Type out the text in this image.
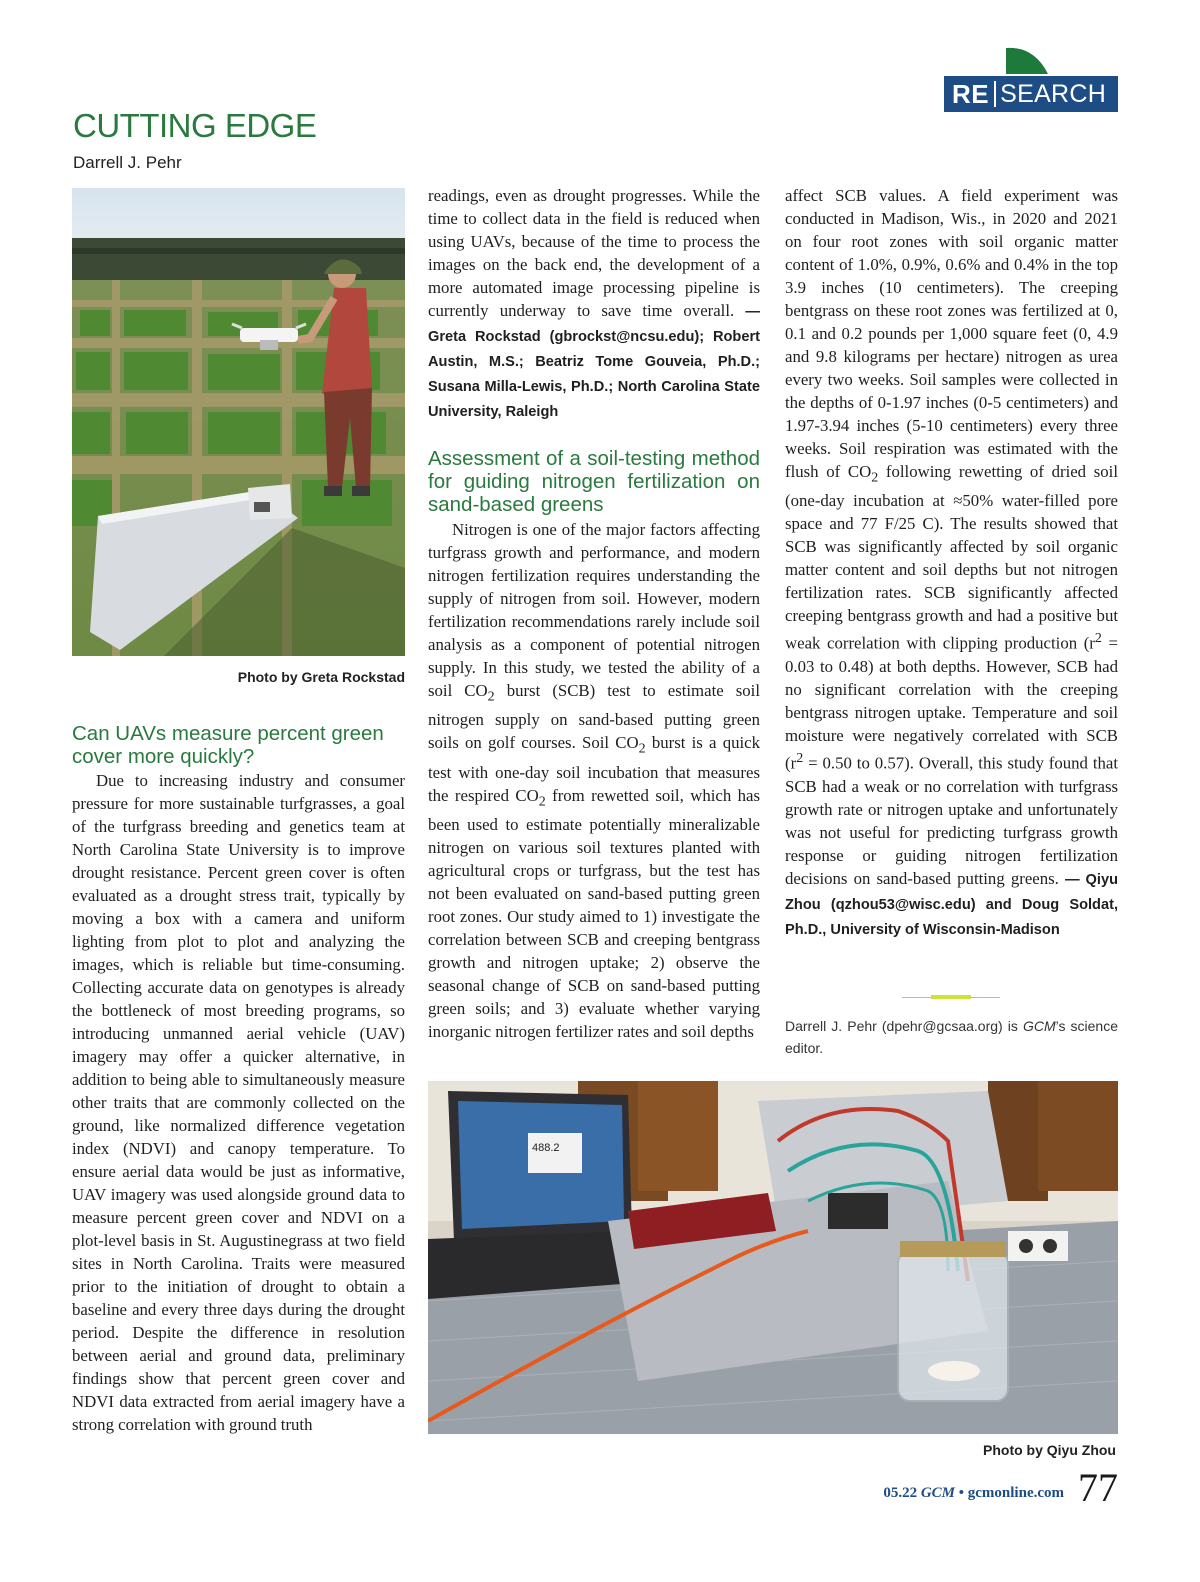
RE SEARCH
CUTTING EDGE
Darrell J. Pehr
Photo by Greta Rockstad
Can UAVs measure percent green cover more quickly?

Due to increasing industry and consumer pressure for more sustainable turfgrasses, a goal of the turfgrass breeding and genetics team at North Carolina State University is to improve drought resistance. Percent green cover is often evaluated as a drought stress trait, typically by moving a box with a camera and uniform lighting from plot to plot and analyzing the images, which is reliable but time-consuming. Collecting accurate data on genotypes is already the bottleneck of most breeding programs, so introducing unmanned aerial vehicle (UAV) imagery may offer a quicker alternative, in addition to being able to simultaneously measure other traits that are commonly collected on the ground, like normalized difference vegetation index (NDVI) and canopy temperature. To ensure aerial data would be just as informative, UAV imagery was used alongside ground data to measure percent green cover and NDVI on a plot-level basis in St. Augustinegrass at two field sites in North Carolina. Traits were measured prior to the initiation of drought to obtain a baseline and every three days during the drought period. Despite the difference in resolution between aerial and ground data, preliminary findings show that percent green cover and NDVI data extracted from aerial imagery have a strong correlation with ground truth

readings, even as drought progresses. While the time to collect data in the field is reduced when using UAVs, because of the time to process the images on the back end, the development of a more automated image processing pipeline is currently underway to save time overall. — Greta Rockstad (gbrockst@ncsu.edu); Robert Austin, M.S.; Beatriz Tome Gouveia, Ph.D.; Susana Milla-Lewis, Ph.D.; North Carolina State University, Raleigh

Assessment of a soil-testing method for guiding nitrogen fertilization on sand-based greens

Nitrogen is one of the major factors affecting turfgrass growth and performance, and modern nitrogen fertilization requires understanding the supply of nitrogen from soil. However, modern fertilization recommendations rarely include soil analysis as a component of potential nitrogen supply. In this study, we tested the ability of a soil $CO_2$ burst (SCB) test to estimate soil nitrogen supply on sand-based putting green soils on golf courses. Soil $CO_2$ burst is a quick test with one-day soil incubation that measures the respired $CO_2$ from rewetted soil, which has been used to estimate potentially mineralizable nitrogen on various soil textures planted with agricultural crops or turfgrass, but the test has not been evaluated on sand-based putting green root zones. Our study aimed to 1) investigate the correlation between SCB and creeping bentgrass growth and nitrogen uptake; 2) observe the seasonal change of SCB on sand-based putting green soils; and 3) evaluate whether varying inorganic nitrogen fertilizer rates and soil depths

affect SCB values. A field experiment was conducted in Madison, Wis., in 2020 and 2021 on four root zones with soil organic matter content of 1.0%, 0.9%, 0.6% and 0.4% in the top 3.9 inches (10 centimeters). The creeping bentgrass on these root zones was fertilized at 0, 0.1 and 0.2 pounds per 1,000 square feet (0, 4.9 and 9.8 kilograms per hectare) nitrogen as urea every two weeks. Soil samples were collected in the depths of 0-1.97 inches (0-5 centimeters) and 1.97-3.94 inches (5-10 centimeters) every three weeks. Soil respiration was estimated with the flush of $CO_2$ following rewetting of dried soil (one-day incubation at ≈50% water-filled pore space and 77 F/25 C). The results showed that SCB was significantly affected by soil organic matter content and soil depths but not nitrogen fertilization rates. SCB significantly affected creeping bentgrass growth and had a positive but weak correlation with clipping production ($r^2 = 0.03$ to 0.48) at both depths. However, SCB had no significant correlation with the creeping bentgrass nitrogen uptake. Temperature and soil moisture were negatively correlated with SCB ($r^2 = 0.50$ to 0.57). Overall, this study found that SCB had a weak or no correlation with turfgrass growth rate or nitrogen uptake and unfortunately was not useful for predicting turfgrass growth response or guiding nitrogen fertilization decisions on sand-based putting greens. — Qiyu Zhou (qzhou53@wisc.edu) and Doug Soldat, Ph.D., University of Wisconsin-Madison

Darrell J. Pehr (dpehr@gcsaa.org) is GCM’s science editor.
488.2
Photo by Qiyu Zhou
05.22 GCM • gcmonline.com 77
